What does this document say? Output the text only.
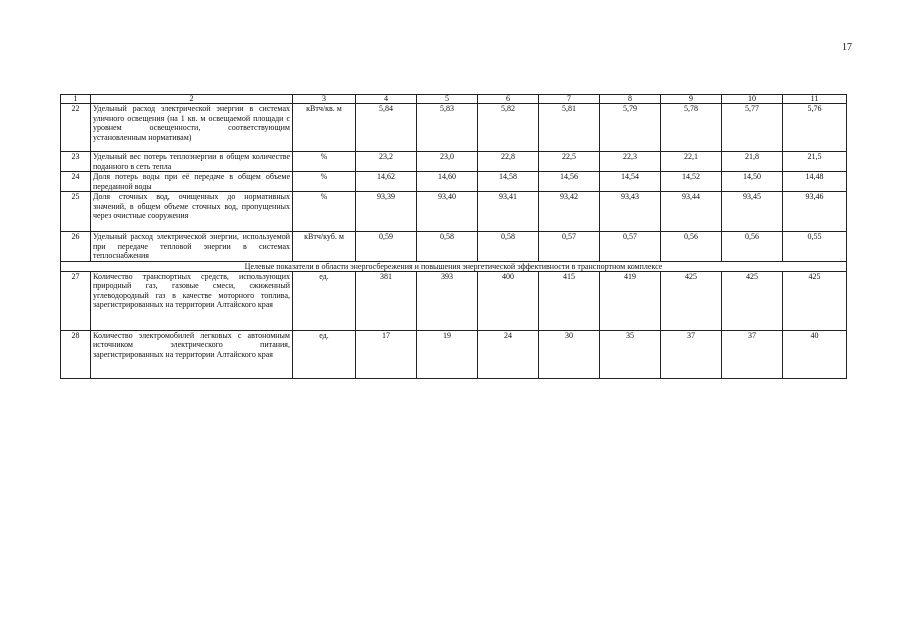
17
1	2	3	4	5	6	7	8	9	10	11
22	Удельный расход электрической энергии в системах уличного освещения (на 1 кв. м освещаемой площади с уровнем освещенности, соответствующим установленным нормативам)	кВтч/кв. м	5,84	5,83	5,82	5,81	5,79	5,78	5,77	5,76
23	Удельный вес потерь теплоэнергии в общем количестве поданного в сеть тепла	%	23,2	23,0	22,8	22,5	22,3	22,1	21,8	21,5
24	Доля потерь воды при её передаче в общем объеме переданной воды	%	14,62	14,60	14,58	14,56	14,54	14,52	14,50	14,48
25	Доля сточных вод, очищенных до нормативных значений, в общем объеме сточных вод, пропущенных через очистные сооружения	%	93,39	93,40	93,41	93,42	93,43	93,44	93,45	93,46
26	Удельный расход электрической энергии, используемой при передаче тепловой энергии в системах теплоснабжения	кВтч/куб. м	0,59	0,58	0,58	0,57	0,57	0,56	0,56	0,55
Целевые показатели в области энергосбережения и повышения энергетической эффективности в транспортном комплексе										
27	Количество транспортных средств, использующих природный газ, газовые смеси, сжиженный углеводородный газ в качестве моторного топлива, зарегистрированных на территории Алтайского края	ед.	381	393	400	415	419	425	425	425
28	Количество электромобилей легковых с автономным источником электрического питания, зарегистрированных на территории Алтайского края	ед.	17	19	24	30	35	37	37	40
